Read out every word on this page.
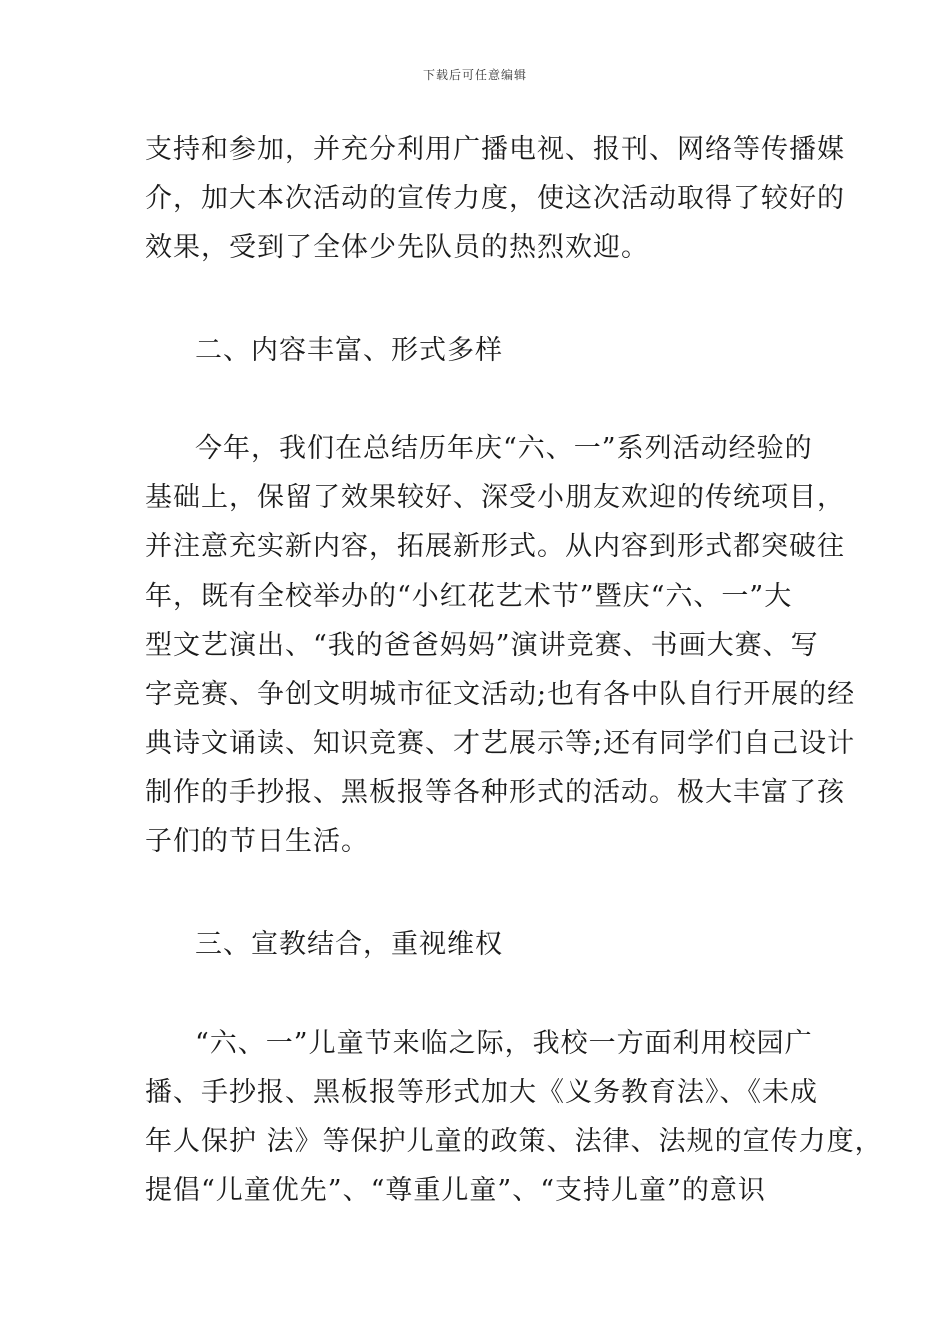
下载后可任意编辑
支持和参加，并充分利用广播电视、报刊、网络等传播媒
介，加大本次活动的宣传力度，使这次活动取得了较好的
效果，受到了全体少先队员的热烈欢迎。
二、内容丰富、形式多样
今年，我们在总结历年庆“六、一”系列活动经验的
基础上，保留了效果较好、深受小朋友欢迎的传统项目，
并注意充实新内容，拓展新形式。从内容到形式都突破往
年，既有全校举办的“小红花艺术节”暨庆“六、一”大
型文艺演出、“我的爸爸妈妈”演讲竞赛、书画大赛、写
字竞赛、争创文明城市征文活动;也有各中队自行开展的经
典诗文诵读、知识竞赛、才艺展示等;还有同学们自己设计
制作的手抄报、黑板报等各种形式的活动。极大丰富了孩
子们的节日生活。
三、宣教结合，重视维权
“六、一”儿童节来临之际，我校一方面利用校园广
播、手抄报、黑板报等形式加大《义务教育法》、《未成
年人保护 法》等保护儿童的政策、法律、法规的宣传力度，
提倡“儿童优先”、“尊重儿童”、“支持儿童”的意识
